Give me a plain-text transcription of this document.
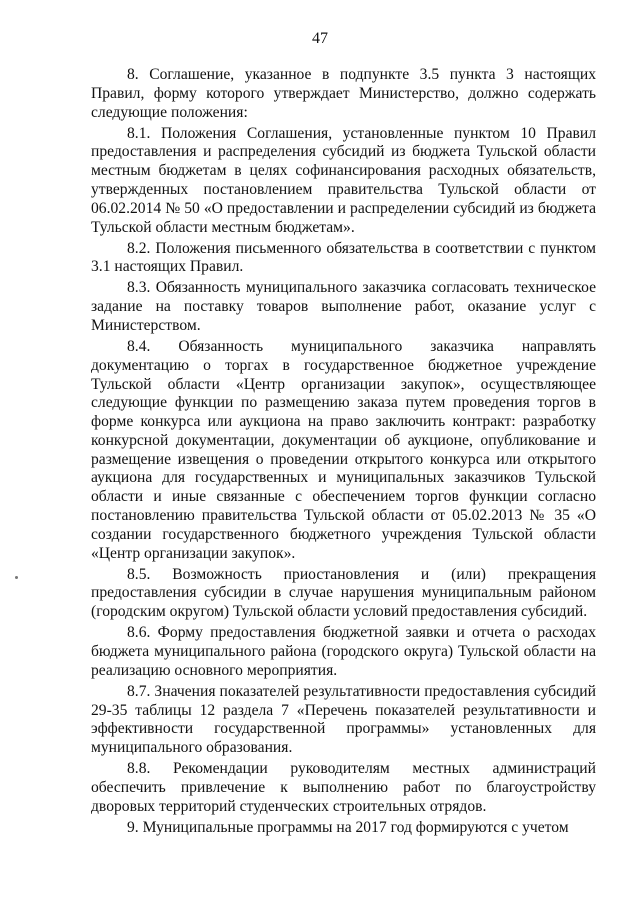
47

8. Соглашение, указанное в подпункте 3.5 пункта 3 настоящих Правил, форму которого утверждает Министерство, должно содержать следующие положения:

8.1. Положения Соглашения, установленные пунктом 10 Правил предоставления и распределения субсидий из бюджета Тульской области местным бюджетам в целях софинансирования расходных обязательств, утвержденных постановлением правительства Тульской области от 06.02.2014 № 50 «О предоставлении и распределении субсидий из бюджета Тульской области местным бюджетам».

8.2. Положения письменного обязательства в соответствии с пунктом 3.1 настоящих Правил.

8.3. Обязанность муниципального заказчика согласовать техническое задание на поставку товаров выполнение работ, оказание услуг с Министерством.

8.4. Обязанность муниципального заказчика направлять документацию о торгах в государственное бюджетное учреждение Тульской области «Центр организации закупок», осуществляющее следующие функции по размещению заказа путем проведения торгов в форме конкурса или аукциона на право заключить контракт: разработку конкурсной документации, документации об аукционе, опубликование и размещение извещения о проведении открытого конкурса или открытого аукциона для государственных и муниципальных заказчиков Тульской области и иные связанные с обеспечением торгов функции согласно постановлению правительства Тульской области от 05.02.2013 № 35 «О создании государственного бюджетного учреждения Тульской области «Центр организации закупок».

8.5. Возможность приостановления и (или) прекращения предоставления субсидии в случае нарушения муниципальным районом (городским округом) Тульской области условий предоставления субсидий.

8.6. Форму предоставления бюджетной заявки и отчета о расходах бюджета муниципального района (городского округа) Тульской области на реализацию основного мероприятия.

8.7. Значения показателей результативности предоставления субсидий 29-35 таблицы 12 раздела 7 «Перечень показателей результативности и эффективности государственной программы» установленных для муниципального образования.

8.8. Рекомендации руководителям местных администраций обеспечить привлечение к выполнению работ по благоустройству дворовых территорий студенческих строительных отрядов.

9. Муниципальные программы на 2017 год формируются с учетом
